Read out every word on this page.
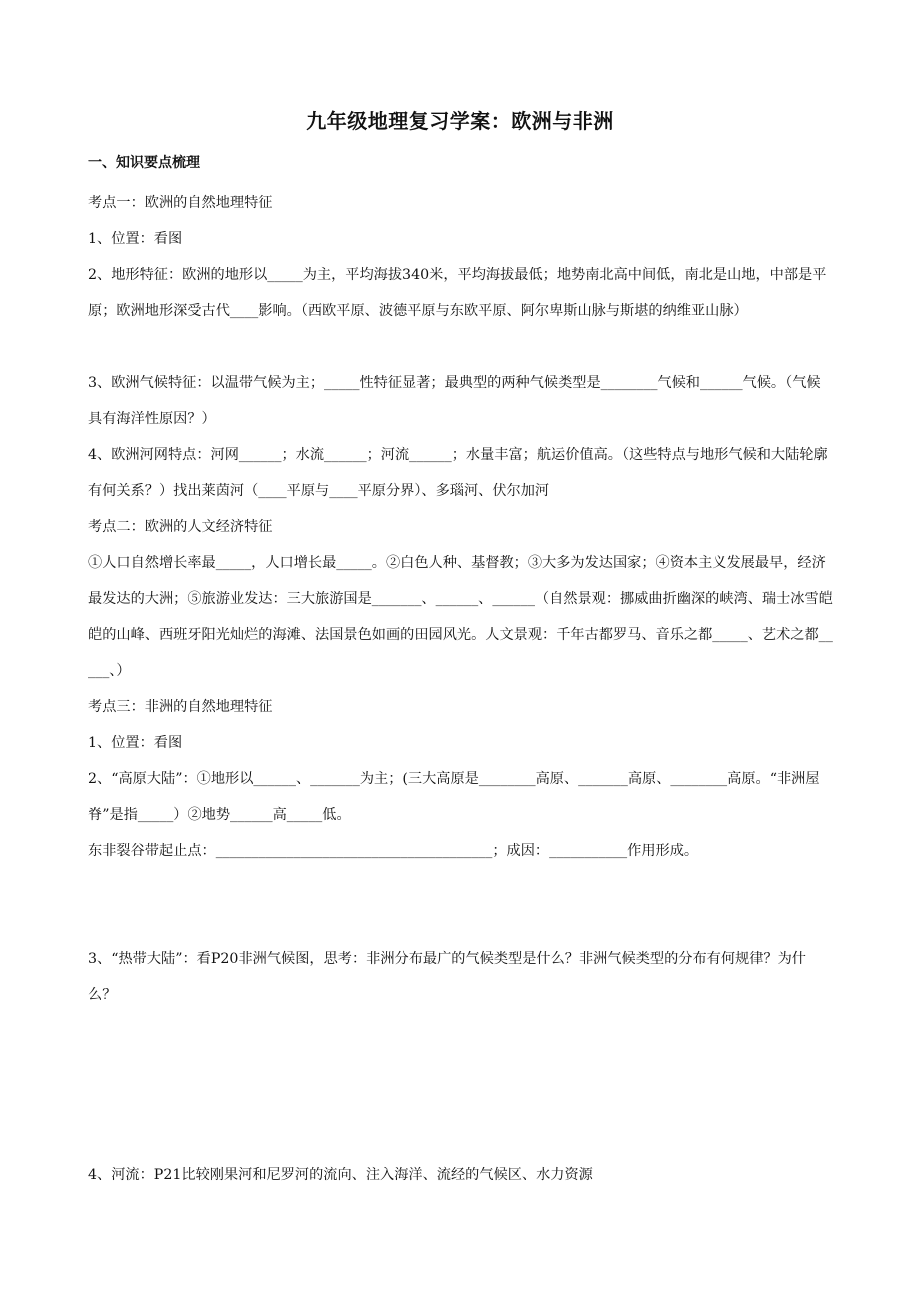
九年级地理复习学案：欧洲与非洲
一、知识要点梳理
考点一：欧洲的自然地理特征
1、位置：看图
2、地形特征：欧洲的地形以_____为主，平均海拔340米，平均海拔最低；地势南北高中间低，南北是山地，中部是平原；欧洲地形深受古代____影响。（西欧平原、波德平原与东欧平原、阿尔卑斯山脉与斯堪的纳维亚山脉）
3、欧洲气候特征：以温带气候为主；_____性特征显著；最典型的两种气候类型是________气候和______气候。（气候具有海洋性原因？）
4、欧洲河网特点：河网______；水流______；河流______；水量丰富；航运价值高。（这些特点与地形气候和大陆轮廓有何关系？）找出莱茵河（____平原与____平原分界）、多瑙河、伏尔加河
考点二：欧洲的人文经济特征
①人口自然增长率最_____，人口增长最_____。②白色人种、基督教；③大多为发达国家；④资本主义发展最早，经济最发达的大洲；⑤旅游业发达：三大旅游国是_______、______、______（自然景观：挪威曲折幽深的峡湾、瑞士冰雪皑皑的山峰、西班牙阳光灿烂的海滩、法国景色如画的田园风光。人文景观：千年古都罗马、音乐之都_____、艺术之都_____、）
考点三：非洲的自然地理特征
1、位置：看图
2、“高原大陆”：①地形以______、_______为主；(三大高原是________高原、_______高原、________高原。“非洲屋脊”是指_____）②地势______高_____低。
东非裂谷带起止点：_______________________________________；成因：___________作用形成。
3、“热带大陆”：看P20非洲气候图，思考：非洲分布最广的气候类型是什么？非洲气候类型的分布有何规律？为什么？
4、河流：P21比较刚果河和尼罗河的流向、注入海洋、流经的气候区、水力资源
